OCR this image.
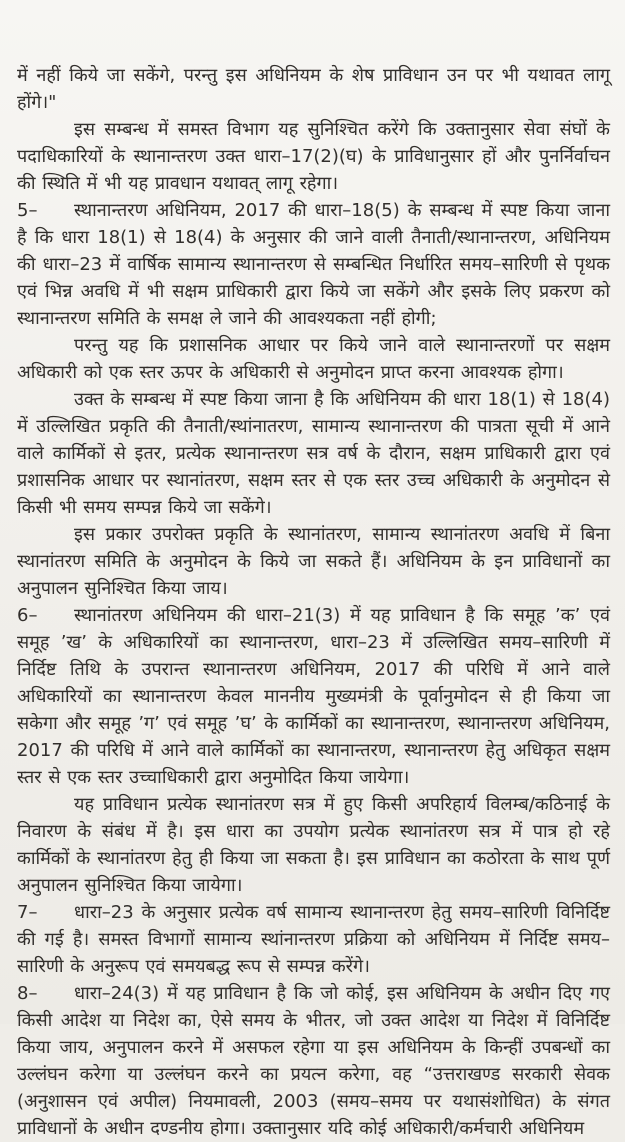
में नहीं किये जा सकेंगे, परन्तु इस अधिनियम के शेष प्राविधान उन पर भी यथावत लागू होंगे।"

इस सम्बन्ध में समस्त विभाग यह सुनिश्चित करेंगे कि उक्तानुसार सेवा संघों के पदाधिकारियों के स्थानान्तरण उक्त धारा–17(2)(घ) के प्राविधानुसार हों और पुनर्निर्वाचन की स्थिति में भी यह प्रावधान यथावत् लागू रहेगा।

5– स्थानान्तरण अधिनियम, 2017 की धारा–18(5) के सम्बन्ध में स्पष्ट किया जाना है कि धारा 18(1) से 18(4) के अनुसार की जाने वाली तैनाती/स्थानान्तरण, अधिनियम की धारा–23 में वार्षिक सामान्य स्थानान्तरण से सम्बन्धित निर्धारित समय–सारिणी से पृथक एवं भिन्न अवधि में भी सक्षम प्राधिकारी द्वारा किये जा सकेंगे और इसके लिए प्रकरण को स्थानान्तरण समिति के समक्ष ले जाने की आवश्यकता नहीं होगी;

परन्तु यह कि प्रशासनिक आधार पर किये जाने वाले स्थानान्तरणों पर सक्षम अधिकारी को एक स्तर ऊपर के अधिकारी से अनुमोदन प्राप्त करना आवश्यक होगा।

उक्त के सम्बन्ध में स्पष्ट किया जाना है कि अधिनियम की धारा 18(1) से 18(4) में उल्लिखित प्रकृति की तैनाती/स्थांनातरण, सामान्य स्थानान्तरण की पात्रता सूची में आने वाले कार्मिकों से इतर, प्रत्येक स्थानान्तरण सत्र वर्ष के दौरान, सक्षम प्राधिकारी द्वारा एवं प्रशासनिक आधार पर स्थानांतरण, सक्षम स्तर से एक स्तर उच्च अधिकारी के अनुमोदन से किसी भी समय सम्पन्न किये जा सकेंगे।

इस प्रकार उपरोक्त प्रकृति के स्थानांतरण, सामान्य स्थानांतरण अवधि में बिना स्थानांतरण समिति के अनुमोदन के किये जा सकते हैं। अधिनियम के इन प्राविधानों का अनुपालन सुनिश्चित किया जाय।

6– स्थानांतरण अधिनियम की धारा–21(3) में यह प्राविधान है कि समूह ’क’ एवं समूह ’ख’ के अधिकारियों का स्थानान्तरण, धारा–23 में उल्लिखित समय–सारिणी में निर्दिष्ट तिथि के उपरान्त स्थानान्तरण अधिनियम, 2017 की परिधि में आने वाले अधिकारियों का स्थानान्तरण केवल माननीय मुख्यमंत्री के पूर्वानुमोदन से ही किया जा सकेगा और समूह ’ग’ एवं समूह ’घ’ के कार्मिकों का स्थानान्तरण, स्थानान्तरण अधिनियम, 2017 की परिधि में आने वाले कार्मिकों का स्थानान्तरण, स्थानान्तरण हेतु अधिकृत सक्षम स्तर से एक स्तर उच्चाधिकारी द्वारा अनुमोदित किया जायेगा।

यह प्राविधान प्रत्येक स्थानांतरण सत्र में हुए किसी अपरिहार्य विलम्ब/कठिनाई के निवारण के संबंध में है। इस धारा का उपयोग प्रत्येक स्थानांतरण सत्र में पात्र हो रहे कार्मिकों के स्थानांतरण हेतु ही किया जा सकता है। इस प्राविधान का कठोरता के साथ पूर्ण अनुपालन सुनिश्चित किया जायेगा।

7– धारा–23 के अनुसार प्रत्येक वर्ष सामान्य स्थानान्तरण हेतु समय–सारिणी विनिर्दिष्ट की गई है। समस्त विभागों सामान्य स्थांनान्तरण प्रक्रिया को अधिनियम में निर्दिष्ट समय–सारिणी के अनुरूप एवं समयबद्ध रूप से सम्पन्न करेंगे।

8– धारा–24(3) में यह प्राविधान है कि जो कोई, इस अधिनियम के अधीन दिए गए किसी आदेश या निदेश का, ऐसे समय के भीतर, जो उक्त आदेश या निदेश में विनिर्दिष्ट किया जाय, अनुपालन करने में असफल रहेगा या इस अधिनियम के किन्हीं उपबन्धों का उल्लंघन करेगा या उल्लंघन करने का प्रयत्न करेगा, वह “उत्तराखण्ड सरकारी सेवक (अनुशासन एवं अपील) नियमावली, 2003 (समय–समय पर यथासंशोधित) के संगत प्राविधानों के अधीन दण्डनीय होगा। उक्तानुसार यदि कोई अधिकारी/कर्मचारी अधिनियम
